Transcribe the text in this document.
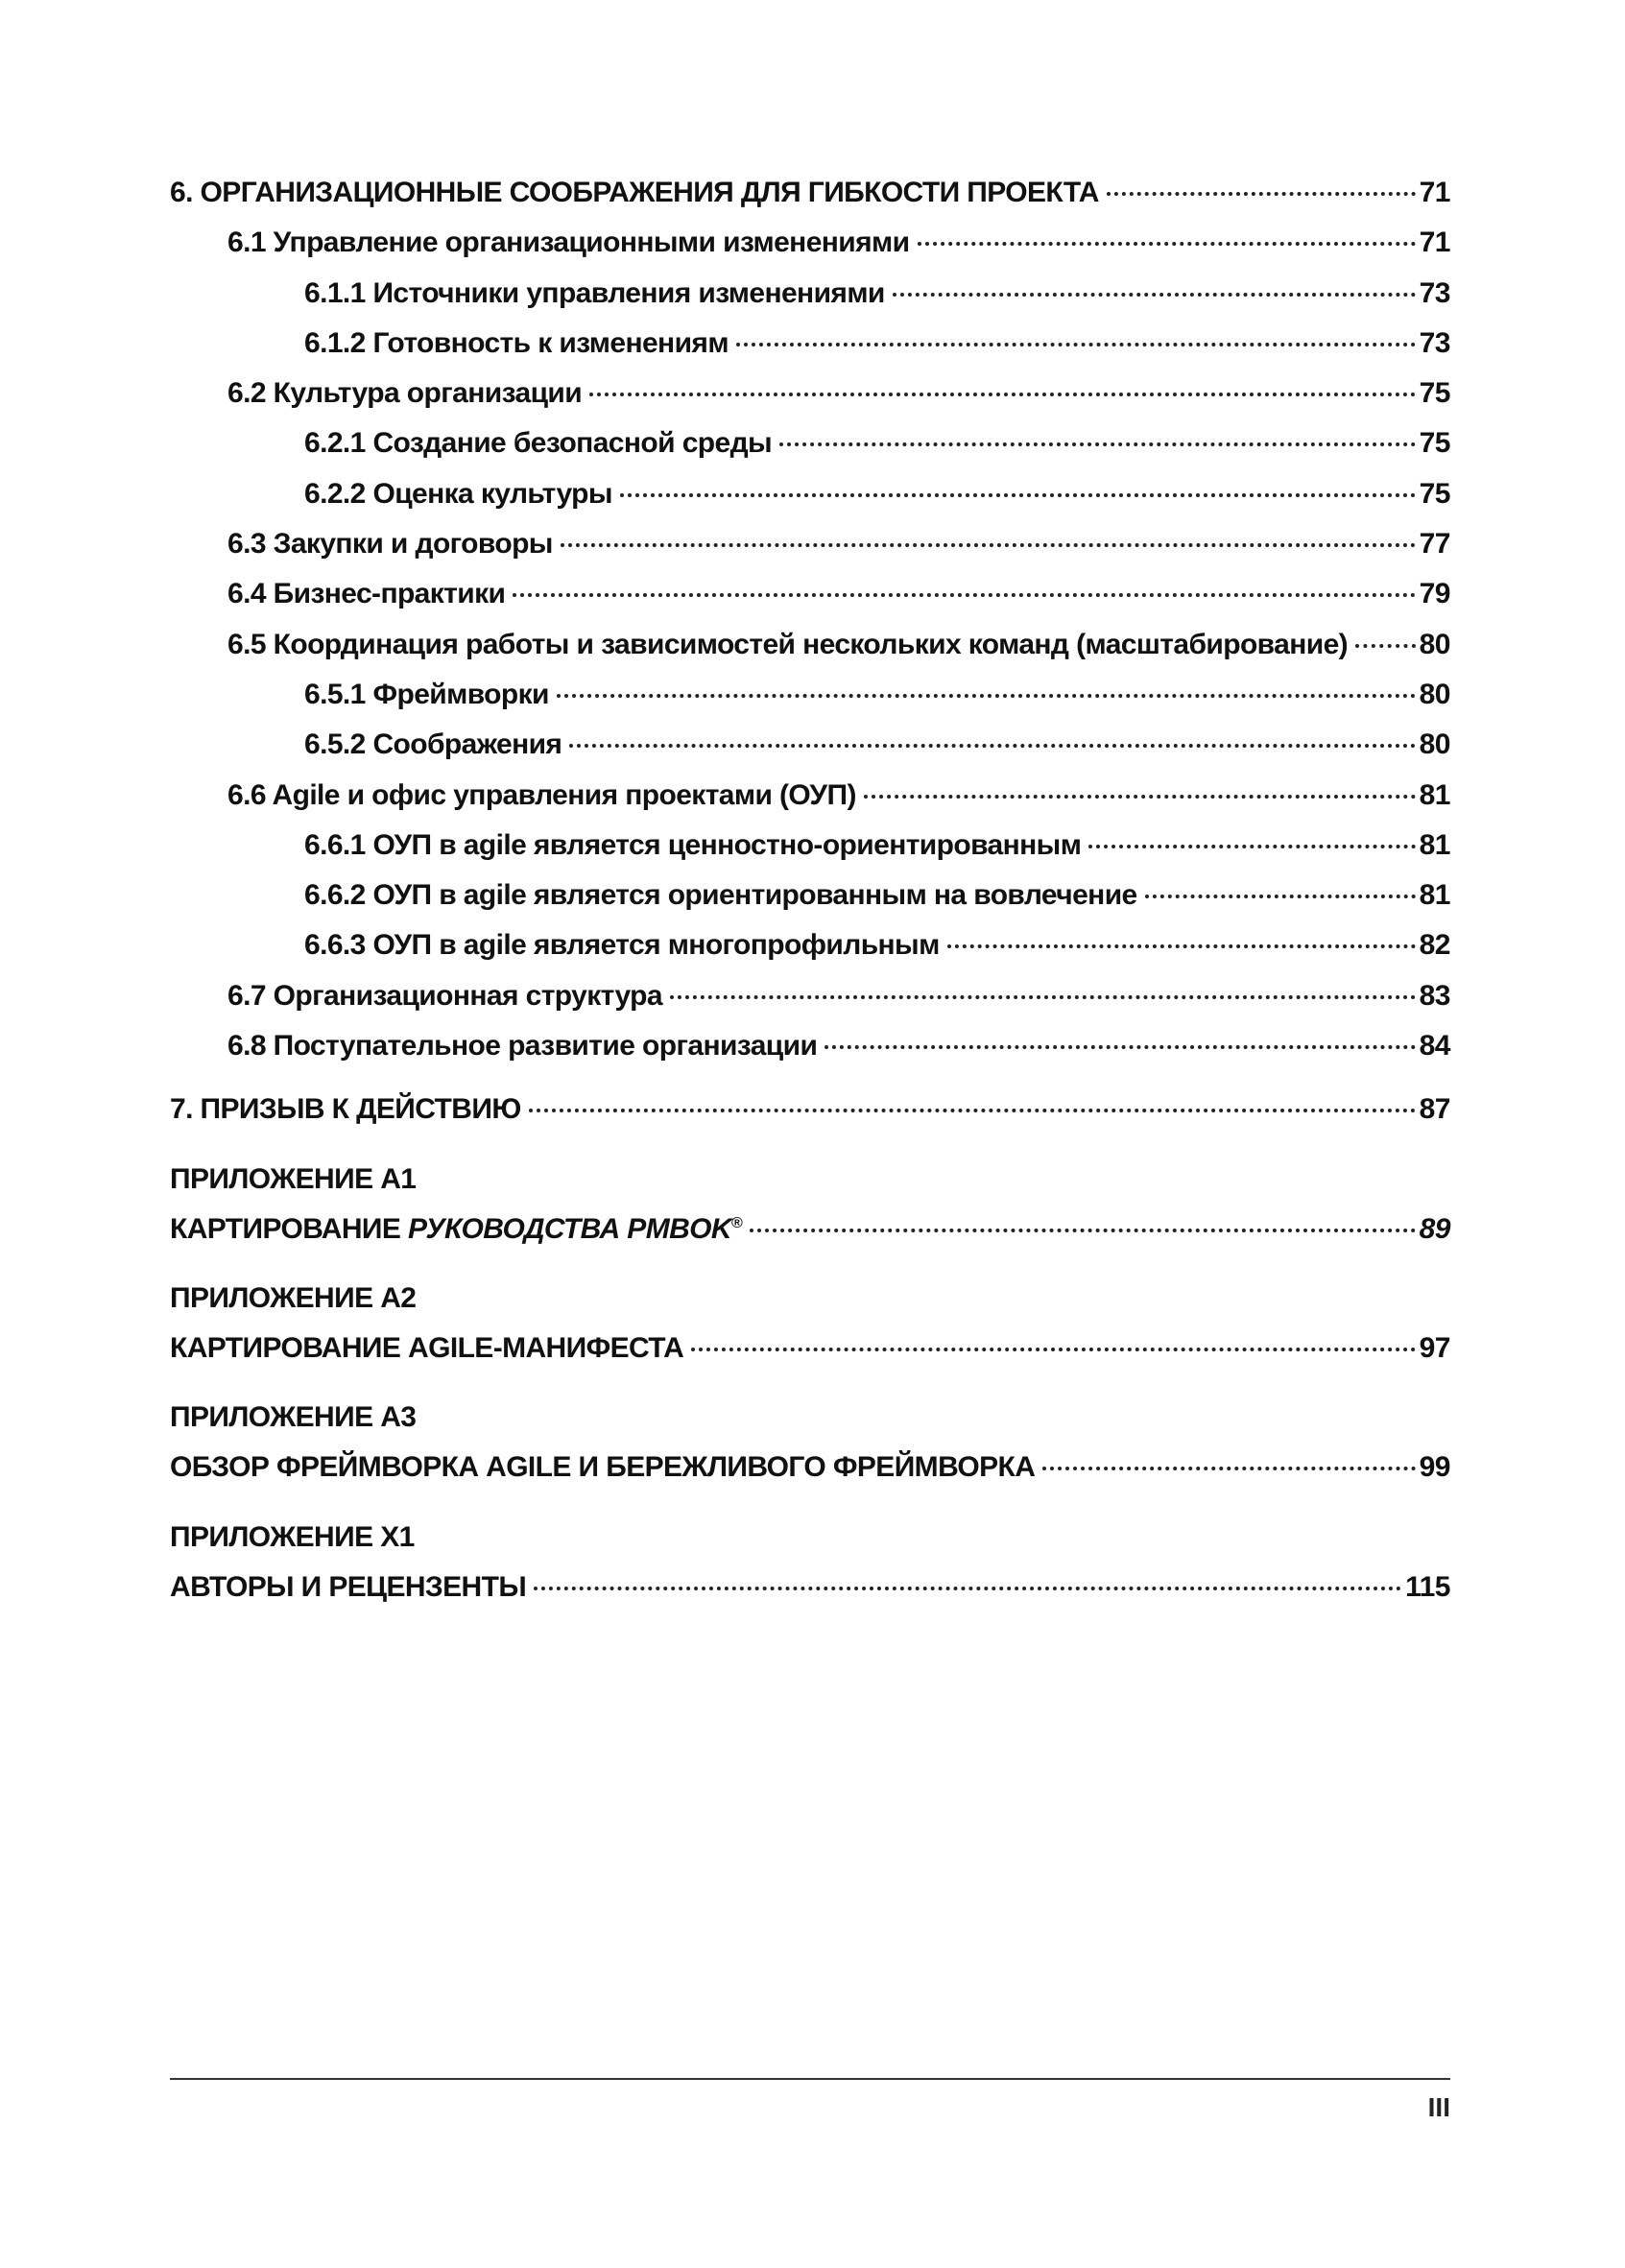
6. ОРГАНИЗАЦИОННЫЕ СООБРАЖЕНИЯ ДЛЯ ГИБКОСТИ ПРОЕКТА	71
6.1 Управление организационными изменениями	71
6.1.1 Источники управления изменениями	73
6.1.2 Готовность к изменениям	73
6.2 Культура организации	75
6.2.1 Создание безопасной среды	75
6.2.2 Оценка культуры	75
6.3 Закупки и договоры	77
6.4 Бизнес-практики	79
6.5 Координация работы и зависимостей нескольких команд (масштабирование) 80
6.5.1 Фреймворки	80
6.5.2 Соображения	80
6.6 Agile и офис управления проектами (ОУП)	81
6.6.1 ОУП в agile является ценностно-ориентированным	81
6.6.2 ОУП в agile является ориентированным на вовлечение	81
6.6.3 ОУП в agile является многопрофильным	82
6.7 Организационная структура	83
6.8 Поступательное развитие организации	84
7. ПРИЗЫВ К ДЕЙСТВИЮ	87
ПРИЛОЖЕНИЕ А1
КАРТИРОВАНИЕ РУКОВОДСТВА PMBOK®	89
ПРИЛОЖЕНИЕ А2
КАРТИРОВАНИЕ AGILE-МАНИФЕСТА	97
ПРИЛОЖЕНИЕ А3
ОБЗОР ФРЕЙМВОРКА AGILE И БЕРЕЖЛИВОГО ФРЕЙМВОРКА	99
ПРИЛОЖЕНИЕ X1
АВТОРЫ И РЕЦЕНЗЕНТЫ	115
III
